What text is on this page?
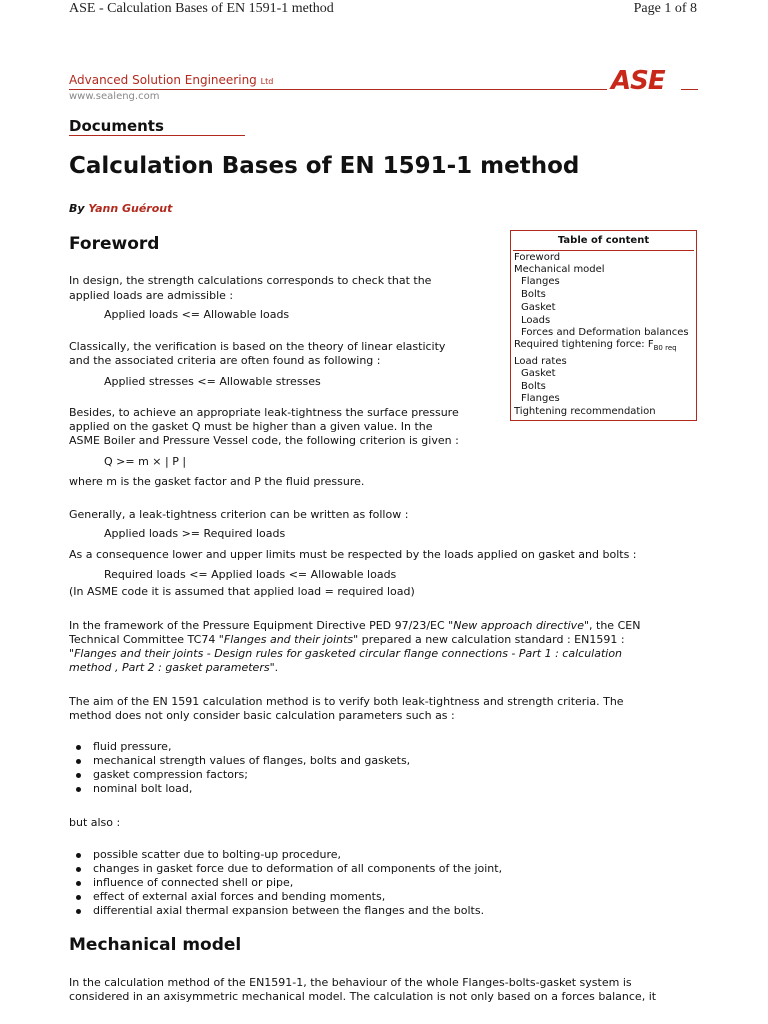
ASE - Calculation Bases of EN 1591-1 method	Page 1 of 8
Advanced Solution Engineering Ltd
www.sealeng.com
ASE
Documents
Calculation Bases of EN 1591-1 method
By Yann Guérout
Foreword
In design, the strength calculations corresponds to check that the
applied loads are admissible :
Applied loads <= Allowable loads
Classically, the verification is based on the theory of linear elasticity
and the associated criteria are often found as following :
Applied stresses <= Allowable stresses
Besides, to achieve an appropriate leak-tightness the surface pressure
applied on the gasket Q must be higher than a given value. In the
ASME Boiler and Pressure Vessel code, the following criterion is given :
Q >= m × | P |
where m is the gasket factor and P the fluid pressure.
Generally, a leak-tightness criterion can be written as follow :
Applied loads >= Required loads
As a consequence lower and upper limits must be respected by the loads applied on gasket and bolts :
Required loads <= Applied loads <= Allowable loads
(In ASME code it is assumed that applied load = required load)
In the framework of the Pressure Equipment Directive PED 97/23/EC "New approach directive", the CEN
Technical Committee TC74 "Flanges and their joints" prepared a new calculation standard : EN1591 :
"Flanges and their joints - Design rules for gasketed circular flange connections - Part 1 : calculation
method , Part 2 : gasket parameters".
The aim of the EN 1591 calculation method is to verify both leak-tightness and strength criteria. The
method does not only consider basic calculation parameters such as :
fluid pressure,
mechanical strength values of flanges, bolts and gaskets,
gasket compression factors;
nominal bolt load,
but also :
possible scatter due to bolting-up procedure,
changes in gasket force due to deformation of all components of the joint,
influence of connected shell or pipe,
effect of external axial forces and bending moments,
differential axial thermal expansion between the flanges and the bolts.
Mechanical model
In the calculation method of the EN1591-1, the behaviour of the whole Flanges-bolts-gasket system is
considered in an axisymmetric mechanical model. The calculation is not only based on a forces balance, it
Table of content
Foreword
Mechanical model
Flanges
Bolts
Gasket
Loads
Forces and Deformation balances
Required tightening force: $F_{B0 req}$
Load rates
Gasket
Bolts
Flanges
Tightening recommendation
